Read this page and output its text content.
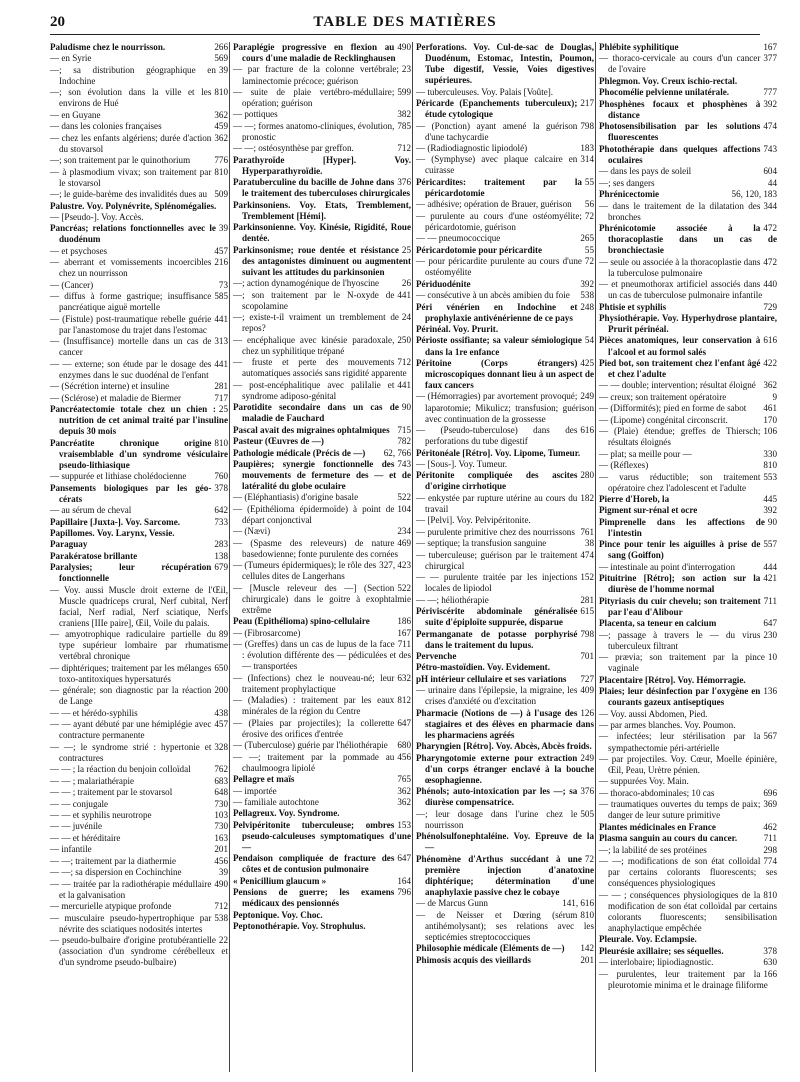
20	TABLE DES MATIÈRES
266
Paludisme chez le nourrisson.
569
— en Syrie
39
—; sa distribution géographique en Indochine
810
—; son évolution dans la ville et les environs de Hué
362
— en Guyane
459
— dans les colonies françaises
362
— chez les enfants algériens; durée d'action du stovarsol
776
—; son traitement par le quinothorium
810
— à plasmodium vivax; son traitement par le stovarsol
509
—; le guide-barème des invalidités dues au
Palustre. Voy. Polynévrite, Splénomégalies.
— [Pseudo-]. Voy. Accès.
39
Pancréas; relations fonctionnelles avec le duodénum
457
— et psychoses
216
— aberrant et vomissements incoercibles chez un nourrisson
73
— (Cancer)
585
— diffus à forme gastrique; insuffisance pancréatique aiguë mortelle
441
— (Fistule) post-traumatique rebelle guérie par l'anastomose du trajet dans l'estomac
313
— (Insuffisance) mortelle dans un cas de cancer
441
— — externe; son étude par le dosage des enzymes dans le suc duodénal de l'enfant
281
— (Sécrétion interne) et insuline
717
— (Sclérose) et maladie de Biermer
25
Pancréatectomie totale chez un chien : nutrition de cet animal traité par l'insuline depuis 30 mois
810
Pancréatite chronique origine vraisemblable d'un syndrome vésiculaire pseudo-lithiasique
760
— suppurée et lithiase cholédocienne
378
Pansements biologiques par les géo-cérats
642
— au sérum de cheval
733
Papillaire [Juxta-]. Voy. Sarcome.
Papillomes. Voy. Larynx, Vessie.
283
Paraguay
138
Parakératose brillante
679
Paralysies; leur récupération fonctionnelle
— Voy. aussi Muscle droit externe de l'Œil, Muscle quadriceps crural, Nerf cubital, Nerf facial, Nerf radial, Nerf sciatique, Nerfs craniens [IIIe paire], Œil, Voile du palais.
89
— amyotrophique radiculaire partielle du type supérieur lombaire par rhumatisme vertébral chronique
650
— diphtériques; traitement par les mélanges toxo-antitoxiques hypersaturés
200
— générale; son diagnostic par la réaction de Lange
438
— — et hérédo-syphilis
457
— — ayant débuté par une hémiplégie avec contracture permanente
328
— —; le syndrome strié : hypertonie et contractures
762
— — ; la réaction du benjoin colloïdal
683
— — ; malariathérapie
648
— — ; traitement par le stovarsol
730
— — conjugale
103
— — et syphilis neurotrope
730
— — juvénile
163
— — et héréditaire
201
— infantile
456
— —; traitement par la diathermie
39
— —; sa dispersion en Cochinchine
490
— — traitée par la radiothérapie médullaire et la galvanisation
712
— mercurielle atypique profonde
538
— musculaire pseudo-hypertrophique par névrite des sciatiques nodosités intertes
22
— pseudo-bulbaire d'origine protubérantielle (association d'un syndrome cérébelleux et d'un syndrome pseudo-bulbaire)
490
Paraplégie progressive en flexion au cours d'une maladie de Recklinghausen
23
— par fracture de la colonne vertébrale; laminectomie précoce; guérison
599
— suite de plaie vertébro-médullaire; opération; guérison
382
— pottiques
785
— —; formes anatomo-cliniques, évolution, pronostic
712
— —; ostéosynthèse par greffon.
Parathyroïde [Hyper]. Voy. Hyperparathyroïdie.
376
Paratuberculine du bacille de Johne dans le traitement des tuberculoses chirurgicales
Parkinsoniens. Voy. Etats, Tremblement, Tremblement [Hémi].
Parkinsonienne. Voy. Kinésie, Rigidité, Roue dentée.
25
Parkinsonisme; roue dentée et résistance des antagonistes diminuent ou augmentent suivant les attitudes du parkinsonien
26
—; action dynamogénique de l'hyoscine
441
—; son traitement par le N-oxyde de scopolamine
24
—; existe-t-il vraiment un tremblement de repos?
250
— encéphalique avec kinésie paradoxale, chez un syphilitique trépané
712
— fruste et perte des mouvements automatiques associés sans rigidité apparente
441
— post-encéphalitique avec paliIalie et syndrome adiposo-génital
90
Parotidite secondaire dans un cas de maladie de Fauchard
715
Pascal avait des migraines ophtalmiques
782
Pasteur (Œuvres de —)
62, 766
Pathologie médicale (Précis de —)
743
Paupières; synergie fonctionnelle des mouvements de fermeture des — et de latéralité du globe oculaire
522
— (Eléphantiasis) d'origine basale
104
— (Epithélioma épidermoïde) à point de départ conjonctival
234
— (Nævi)
469
— (Spasme des releveurs) de nature basedowienne; fonte purulente des cornées
327, 423
— (Tumeurs épidermiques); le rôle des cellules dites de Langerhans
522
— [Muscle releveur des —] (Section chirurgicale) dans le goitre à exophtalmie extrême
186
Peau (Epithélioma) spino-cellulaire
167
— (Fibrosarcome)
711
— (Greffes) dans un cas de lupus de la face : évolution différente des — pédiculées et des — transportées
632
— (Infections) chez le nouveau-né; leur traitement prophylactique
812
— (Maladies) : traitement par les eaux minérales de la région du Centre
647
— (Plaies par projectiles); la collerette érosive des orifices d'entrée
680
— (Tuberculose) guérie par l'héliothérapie
456
— —; traitement par la pommade au chaulmoogra lipiolé
765
Pellagre et maïs
362
— importée
362
— familiale autochtone
Pellagreux. Voy. Syndrome.
153
Pelvipéritonite tuberculeuse; ombres pseudo-calculeuses symptomatiques d'une —
647
Pendaison compliquée de fracture des côtes et de contusion pulmonaire
164
« Penicillium glaucum »
796
Pensions de guerre; les examens médicaux des pensionnés
Peptonique. Voy. Choc.
Peptonothérapie. Voy. Strophulus.
Perforations. Voy. Cul-de-sac de Douglas, Duodénum, Estomac, Intestin, Poumon, Tube digestif, Vessie, Voies digestives supérieures.
— tuberculeuses. Voy. Palais [Voûte].
217
Péricarde (Epanchements tuberculeux); étude cytologique
798
— (Ponction) ayant amené la guérison d'une tachycardie
183
— (Radiodiagnostic lipiodolé)
314
— (Symphyse) avec plaque calcaire en cuirasse
55
Péricardites: traitement par la péricardotomie
56
— adhésive; opération de Brauer, guérison
72
— purulente au cours d'une ostéomyélite; péricardotomie, guérison
265
— — pneumococcique
55
Péricardotomie pour péricardite
72
— pour péricardite purulente au cours d'une ostéomyélite
392
Périduodénite
538
— consécutive à un abcès amibien du foie
248
Péri vénérien en Indochine et prophylaxie antivénérienne de ce pays
Périnéal. Voy. Prurit.
54
Périoste ossifiante; sa valeur sémiologique dans la 1re enfance
425
Péritoine (Corps étrangers) microscopiques donnant lieu à un aspect de faux cancers
249
— (Hémorragies) par avortement provoqué; laparotomie; Mikulicz; transfusion; guérison avec continuation de la grossesse
616
— (Pseudo-tuberculose) dans des perforations du tube digestif
Péritonéale [Rétro]. Voy. Lipome, Tumeur.
— [Sous-]. Voy. Tumeur.
280
Péritonite compliquée des ascites d'origine cirrhotique
182
— enkystée par rupture utérine au cours du travail
— [Pelvi]. Voy. Pelvipéritonite.
761
— purulente primitive chez des nourrissons
38
— septique; la transfusion sanguine
474
— tuberculeuse; guérison par le traitement chirurgical
152
— — purulente traitée par les injections locales de lipiodol
281
— —; héliothérapie
615
Périviscérite abdominale généralisée suite d'épiploïte suppurée, disparue
798
Permanganate de potasse porphyrisé dans le traitement du lupus.
701
Pervenche
Pétro-mastoïdien. Voy. Evidement.
727
pH intérieur cellulaire et ses variations
409
— urinaire dans l'épilepsie, la migraine, les crises d'anxiété ou d'excitation
126
Pharmacie (Notions de —) à l'usage des stagiaires et des élèves en pharmacie dans les pharmaciens agréés
Pharyngien [Rétro]. Voy. Abcès, Abcès froids.
249
Pharyngotomie externe pour extraction d'un corps étranger enclavé à la bouche œsophagienne.
376
Phénols; auto-intoxication par les —; sa diurèse compensatrice.
505
—; leur dosage dans l'urine chez le nourrisson
Phénolsulfonephtaléine. Voy. Epreuve de la —
72
Phénomène d'Arthus succédant à une première injection d'anatoxine diphtérique; détermination d'une anaphylaxie passive chez le cobaye
141, 616
— de Marcus Gunn
810
— de Neisser et Dœring (sérum antihémolysant); ses relations avec les septicémies streptococciques
142
Philosophie médicale (Eléments de —)
201
Phimosis acquis des vieillards
167
Phlébite syphilitique
377
— thoraco-cervicale au cours d'un cancer de l'ovaire
Phlegmon. Voy. Creux ischio-rectal.
777
Phocomélie pelvienne unilatérale.
392
Phosphènes focaux et phosphènes à distance
474
Photosensibilisation par les solutions fluorescentes
743
Photothérapie dans quelques affections oculaires
604
— dans les pays de soleil
44
—; ses dangers
56, 120, 183
Phrénicectomie
344
— dans le traitement de la dilatation des bronches
472
Phrénicotomie associée à la thoracoplastie dans un cas de bronchiectasie
472
— seule ou associée à la thoracoplastie dans la tuberculose pulmonaire
440
— et pneumothorax artificiel associés dans un cas de tuberculose pulmonaire infantile
729
Phtisie et syphilis
Physiothérapie. Voy. Hyperhydrose plantaire, Prurit périnéal.
616
Pièces anatomiques, leur conservation à l'alcool et au formol salés
422
Pied bot, son traitement chez l'enfant âgé et chez l'adulte
362
— — double; intervention; résultat éloigné
9
— creux; son traitement opératoire
461
— (Difformités); pied en forme de sabot
170
— (Lipome) congénital circonscrit.
106
— (Plaie) étendue; greffes de Thiersch; résultats éloignés
330
— plat; sa meille pour —
810
— (Réflexes)
553
— varus réductible; son traitement opératoire chez l'adolescent et l'adulte
445
Pierre d'Horeb, la
392
Pigment sur-rénal et ocre
90
Pimprenelle dans les affections de l'intestin
557
Pince pour tenir les aiguilles à prise de sang (Goiffon)
444
— intestinale au point d'interrogation
421
Pituitrine [Rétro]; son action sur la diurèse de l'homme normal
711
Pityriasis du cuir chevelu; son traitement par l'eau d'Alibour
647
Placenta, sa teneur en calcium
230
—; passage à travers le — du virus tuberculeux filtrant
10
— prævia; son traitement par la pince vaginale
Placentaire [Rétro]. Voy. Hémorragie.
136
Plaies; leur désinfection par l'oxygène en courants gazeux antiseptiques
— Voy. aussi Abdomen, Pied.
— par armes blanches. Voy. Poumon.
567
— infectées; leur stérilisation par la sympathectomie péri-artérielle
— par projectiles. Voy. Cœur, Moelle épinière, Œil, Peau, Urètre pénien.
— suppurées Voy. Main.
696
— thoraco-abdominales; 10 cas
369
— traumatiques ouvertes du temps de paix; danger de leur suture primitive
462
Plantes médicinales en France
711
Plasma sanguin au cours du cancer.
298
—; la labilité de ses protéines
774
— —; modifications de son état colloïdal par certains colorants fluorescents; ses conséquences physiologiques
810
— — ; conséquences physiologiques de la modification de son état colloïdal par certains colorants fluorescents; sensibilisation anaphylactique empêchée
Pleurale. Voy. Eclampsie.
378
Pleurésie axillaire; ses séquelles.
630
— interlobaire; lipiodiagnostic.
166
— purulentes, leur traitement par la pleurotomie minima et le drainage filiforme
